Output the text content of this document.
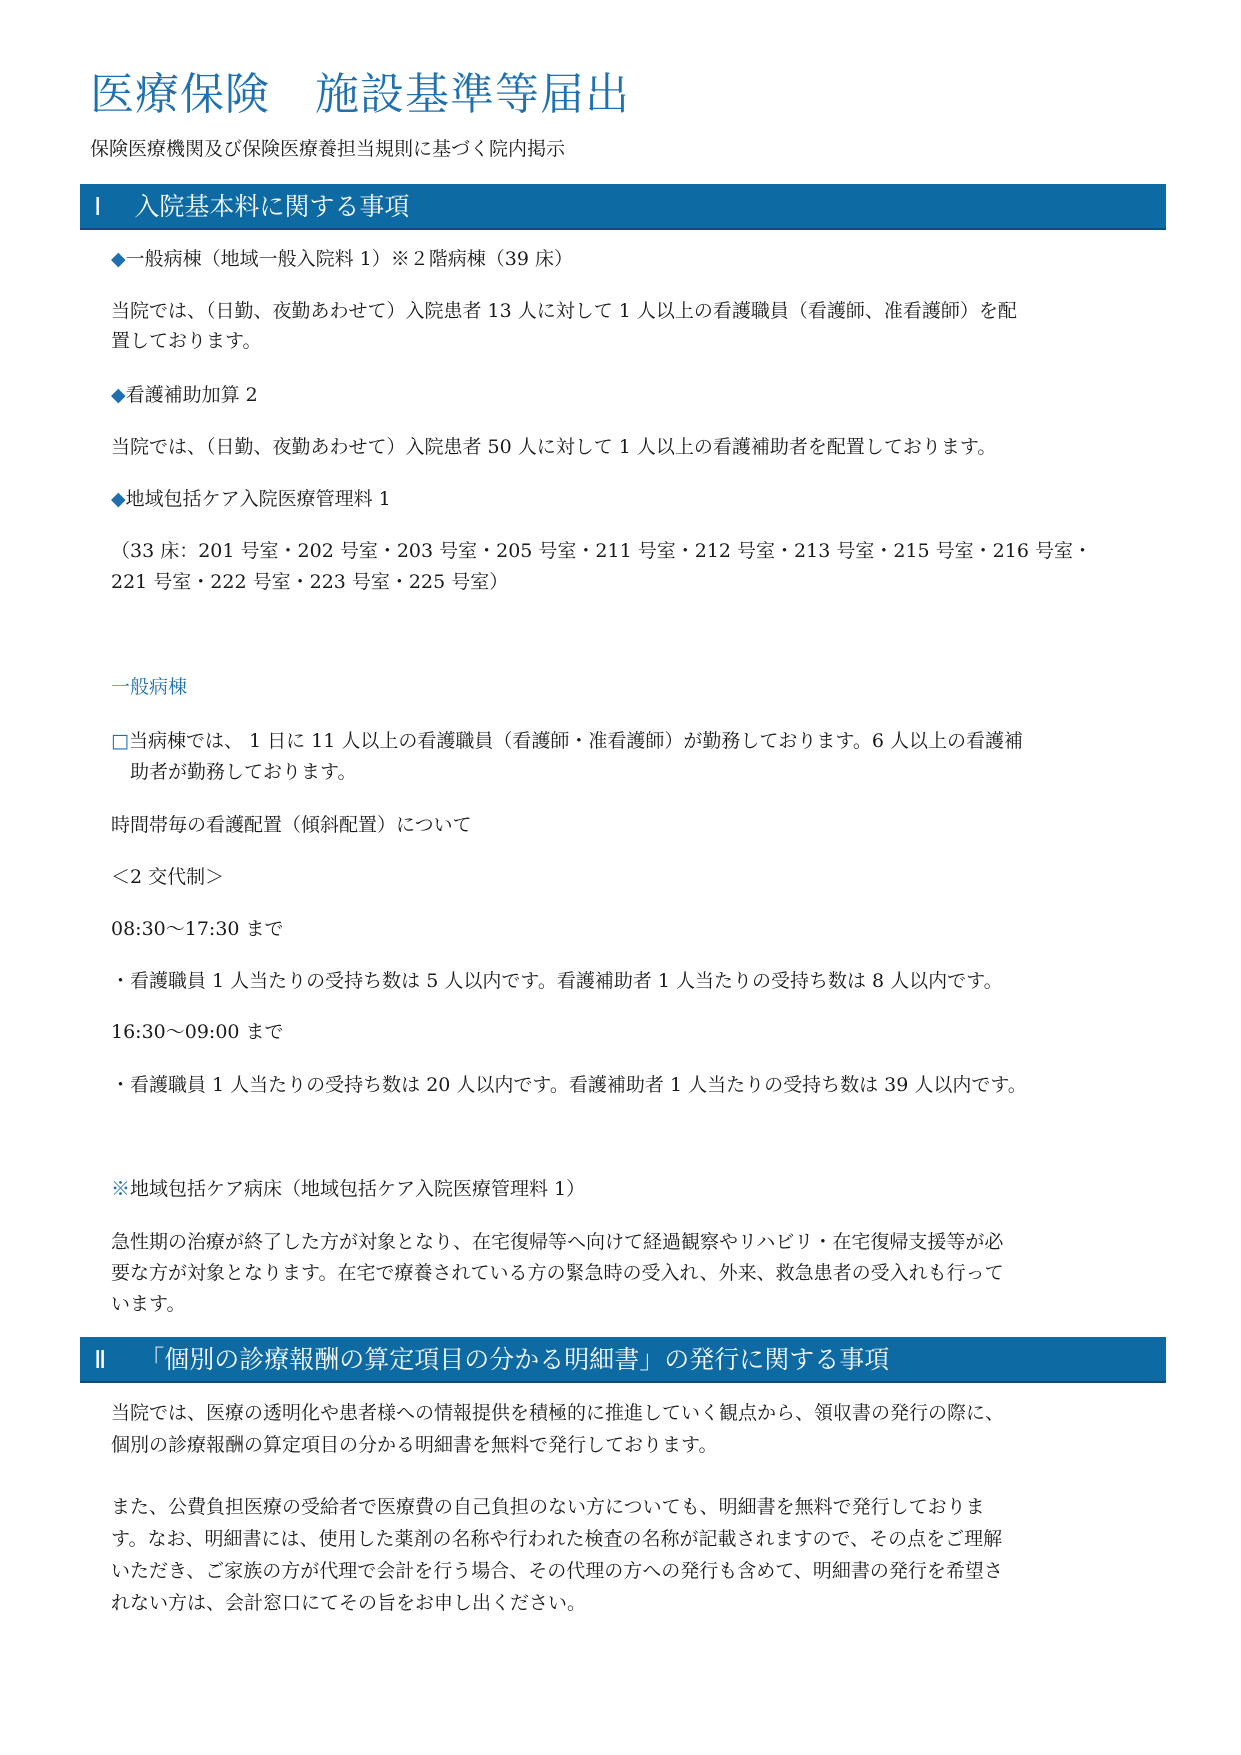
医療保険　施設基準等届出
保険医療機関及び保険医療養担当規則に基づく院内掲示
Ⅰ　 入院基本料に関する事項
◆一般病棟（地域一般入院料 1）※２階病棟（39 床）
当院では、（日勤、夜勤あわせて）入院患者 13 人に対して 1 人以上の看護職員（看護師、准看護師）を配
置しております。
◆看護補助加算 2
当院では、（日勤、夜勤あわせて）入院患者 50 人に対して 1 人以上の看護補助者を配置しております。
◆地域包括ケア入院医療管理料 1
（33 床：201 号室・202 号室・203 号室・205 号室・211 号室・212 号室・213 号室・215 号室・216 号室・
221 号室・222 号室・223 号室・225 号室）
一般病棟
□当病棟では、 1 日に 11 人以上の看護職員（看護師・准看護師）が勤務しております。6 人以上の看護補
助者が勤務しております。
時間帯毎の看護配置（傾斜配置）について
＜2 交代制＞
08:30～17:30 まで
・看護職員 1 人当たりの受持ち数は 5 人以内です。看護補助者 1 人当たりの受持ち数は 8 人以内です。
16:30～09:00 まで
・看護職員 1 人当たりの受持ち数は 20 人以内です。看護補助者 1 人当たりの受持ち数は 39 人以内です。
※地域包括ケア病床（地域包括ケア入院医療管理料 1）
急性期の治療が終了した方が対象となり、在宅復帰等へ向けて経過観察やリハビリ・在宅復帰支援等が必
要な方が対象となります。在宅で療養されている方の緊急時の受入れ、外来、救急患者の受入れも行って
います。
Ⅱ　 「個別の診療報酬の算定項目の分かる明細書」の発行に関する事項
当院では、医療の透明化や患者様への情報提供を積極的に推進していく観点から、領収書の発行の際に、
個別の診療報酬の算定項目の分かる明細書を無料で発行しております。
また、公費負担医療の受給者で医療費の自己負担のない方についても、明細書を無料で発行しておりま
す。なお、明細書には、使用した薬剤の名称や行われた検査の名称が記載されますので、その点をご理解
いただき、ご家族の方が代理で会計を行う場合、その代理の方への発行も含めて、明細書の発行を希望さ
れない方は、会計窓口にてその旨をお申し出ください。
